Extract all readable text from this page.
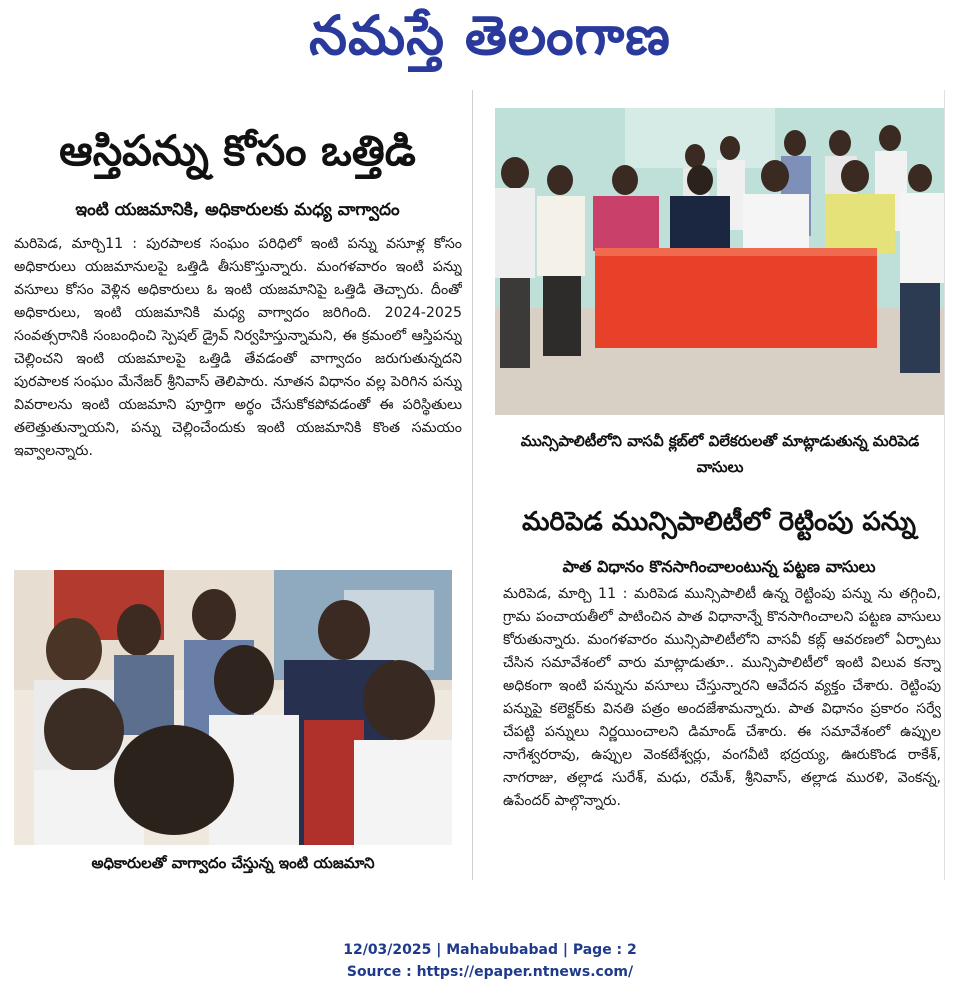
నమస్తే తెలంగాణ
ఆస్తిపన్ను కోసం ఒత్తిడి
ఇంటి యజమానికి, అధికారులకు మధ్య వాగ్వాదం
మరిపెడ, మార్చి11 : పురపాలక సంఘం పరిధిలో ఇంటి పన్ను వసూళ్ల కోసం అధికారులు యజమానులపై ఒత్తిడి తీసుకొస్తున్నారు. మంగళవారం ఇంటి పన్ను వసూలు కోసం వెళ్లిన అధికారులు ఓ ఇంటి యజమానిపై ఒత్తిడి తెచ్చారు. దీంతో అధికారులు, ఇంటి యజమానికి మధ్య వాగ్వాదం జరిగింది. 2024-2025 సంవత్సరానికి సంబంధించి స్పెషల్ డ్రైవ్ నిర్వహిస్తున్నామని, ఈ క్రమంలో ఆస్తిపన్ను చెల్లించని ఇంటి యజమాలపై ఒత్తిడి తేవడంతో వాగ్వాదం జరుగుతున్నదని పురపాలక సంఘం మేనేజర్ శ్రీనివాస్ తెలిపారు. నూతన విధానం వల్ల పెరిగిన పన్ను వివరాలను ఇంటి యజమాని పూర్తిగా అర్థం చేసుకోకపోవడంతో ఈ పరిస్థితులు తలెత్తుతున్నాయని, పన్ను చెల్లించేందుకు ఇంటి యజమానికి కొంత సమయం ఇవ్వాలన్నారు.
అధికారులతో వాగ్వాదం చేస్తున్న ఇంటి యజమాని
మున్సిపాలిటీలోని వాసవీ క్లబ్‌లో విలేకరులతో మాట్లాడుతున్న మరిపెడ వాసులు
మరిపెడ మున్సిపాలిటీలో రెట్టింపు పన్ను
పాత విధానం కొనసాగించాలంటున్న పట్టణ వాసులు
మరిపెడ, మార్చి 11 : మరిపెడ మున్సిపాలిటీ ఉన్న రెట్టింపు పన్ను ను తగ్గించి, గ్రామ పంచాయతీలో పాటించిన పాత విధానాన్నే కొనసాగించాలని పట్టణ వాసులు కోరుతున్నారు. మంగళవారం మున్సిపాలిటీలోని వాసవీ కబ్ల్ ఆవరణలో ఏర్పాటు చేసిన సమావేశంలో వారు మాట్లాడుతూ.. మున్సిపాలిటీలో ఇంటి విలువ కన్నా అధికంగా ఇంటి పన్నును వసూలు చేస్తున్నారని ఆవేదన వ్యక్తం చేశారు. రెట్టింపు పన్నుపై కలెక్టర్‌కు వినతి పత్రం అందజేశామన్నారు. పాత విధానం ప్రకారం సర్వే చేపట్టి పన్నులు నిర్ణయించాలని డిమాండ్ చేశారు. ఈ సమావేశంలో ఉప్పుల నాగేశ్వరరావు, ఉప్పుల వెంకటేశ్వర్లు, వంగవీటి భద్రయ్య, ఊరుకొండ రాకేశ్, నాగరాజు, తల్లాడ సురేశ్, మధు, రమేశ్, శ్రీనివాస్, తల్లాడ మురళి, వెంకన్న, ఉపేందర్ పాల్గొన్నారు.
12/03/2025 | Mahabubabad | Page : 2
Source : https://epaper.ntnews.com/
